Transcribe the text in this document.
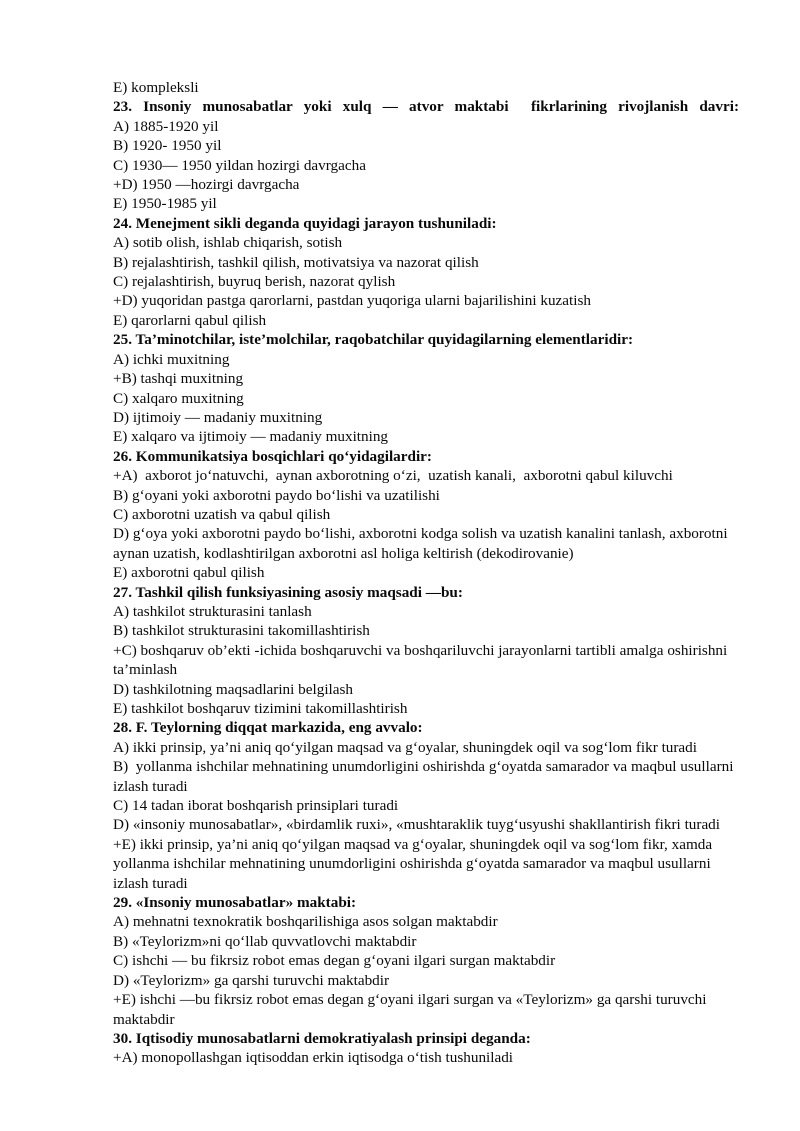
E) kompleksli

23. Insoniy munosabatlar yoki xulq — atvor maktabi  fikrlarining rivojlanish davri:

A) 1885-1920 yil

B) 1920- 1950 yil

C) 1930— 1950 yildan hozirgi davrgacha

+D) 1950 —hozirgi davrgacha

E) 1950-1985 yil

24. Menejment sikli deganda quyidagi jarayon tushuniladi:

A) sotib olish, ishlab chiqarish, sotish

B) rejalashtirish, tashkil qilish, motivatsiya va nazorat qilish

C) rejalashtirish, buyruq berish, nazorat qylish

+D) yuqoridan pastga qarorlarni, pastdan yuqoriga ularni bajarilishini kuzatish

E) qarorlarni qabul qilish

25. Ta’minotchilar, iste’molchilar, raqobatchilar quyidagilarning elementlaridir:

A) ichki muxitning

+B) tashqi muxitning

C) xalqaro muxitning

D) ijtimoiy — madaniy muxitning

E) xalqaro va ijtimoiy — madaniy muxitning

26. Kommunikatsiya bosqichlari qoʻyidagilardir:

+A)  axborot joʻnatuvchi,  aynan axborotning oʻzi,  uzatish kanali,  axborotni qabul kiluvchi

B) gʻoyani yoki axborotni paydo boʻlishi va uzatilishi

C) axborotni uzatish va qabul qilish

D) gʻoya yoki axborotni paydo boʻlishi, axborotni kodga solish va uzatish kanalini tanlash, axborotni aynan uzatish, kodlashtirilgan axborotni asl holiga keltirish (dekodirovanie)

E) axborotni qabul qilish

27. Tashkil qilish funksiyasining asosiy maqsadi —bu:

A) tashkilot strukturasini tanlash

B) tashkilot strukturasini takomillashtirish

+C) boshqaruv ob’ekti -ichida boshqaruvchi va boshqariluvchi jarayonlarni tartibli amalga oshirishni ta’minlash

D) tashkilotning maqsadlarini belgilash

E) tashkilot boshqaruv tizimini takomillashtirish

28. F. Teylorning diqqat markazida, eng avvalo:

A) ikki prinsip, ya’ni aniq qoʻyilgan maqsad va gʻoyalar, shuningdek oqil va sogʻlom fikr turadi

B)  yollanma ishchilar mehnatining unumdorligini oshirishda gʻoyatda samarador va maqbul usullarni izlash turadi

C) 14 tadan iborat boshqarish prinsiplari turadi

D) «insoniy munosabatlar», «birdamlik ruxi», «mushtaraklik tuygʻusyushi shakllantirish fikri turadi

+E) ikki prinsip, ya’ni aniq qoʻyilgan maqsad va gʻoyalar, shuningdek oqil va sogʻlom fikr, xamda yollanma ishchilar mehnatining unumdorligini oshirishda gʻoyatda samarador va maqbul usullarni izlash turadi

29. «Insoniy munosabatlar» maktabi:

A) mehnatni texnokratik boshqarilishiga asos solgan maktabdir

B) «Teylorizm»ni qoʻllab quvvatlovchi maktabdir

C) ishchi — bu fikrsiz robot emas degan gʻoyani ilgari surgan maktabdir

D) «Teylorizm» ga qarshi turuvchi maktabdir

+E) ishchi —bu fikrsiz robot emas degan gʻoyani ilgari surgan va «Teylorizm» ga qarshi turuvchi maktabdir

30. Iqtisodiy munosabatlarni demokratiyalash prinsipi deganda:

+A) monopollashgan iqtisoddan erkin iqtisodga oʻtish tushuniladi
